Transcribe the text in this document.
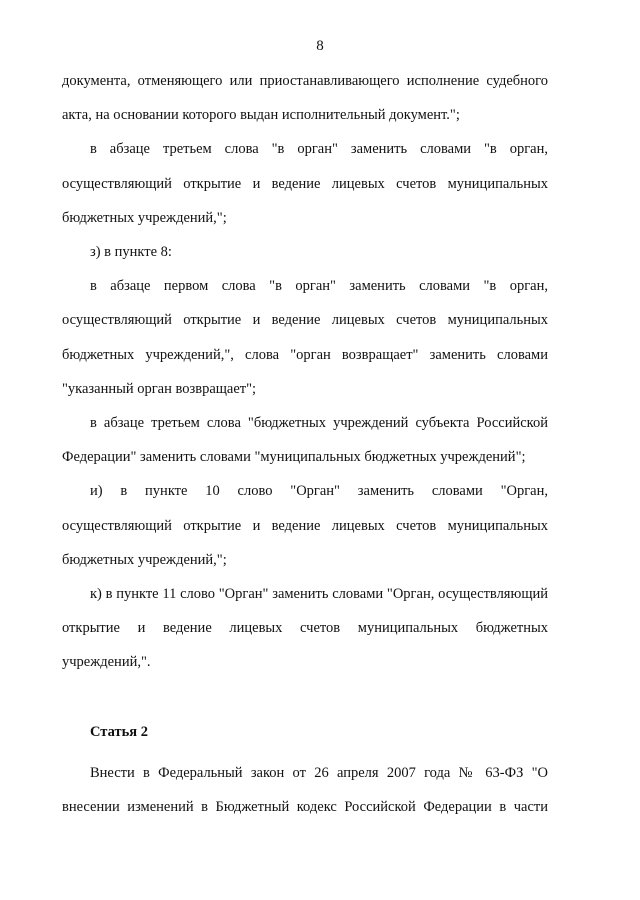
8

документа, отменяющего или приостанавливающего исполнение судебного акта, на основании которого выдан исполнительный документ.";

в абзаце третьем слова "в орган" заменить словами "в орган, осуществляющий открытие и ведение лицевых счетов муниципальных бюджетных учреждений,";

з) в пункте 8:

в абзаце первом слова "в орган" заменить словами "в орган, осуществляющий открытие и ведение лицевых счетов муниципальных бюджетных учреждений,", слова "орган возвращает" заменить словами "указанный орган возвращает";

в абзаце третьем слова "бюджетных учреждений субъекта Российской Федерации" заменить словами "муниципальных бюджетных учреждений";

и) в пункте 10 слово "Орган" заменить словами "Орган, осуществляющий открытие и ведение лицевых счетов муниципальных бюджетных учреждений,";

к) в пункте 11 слово "Орган" заменить словами "Орган, осуществляющий открытие и ведение лицевых счетов муниципальных бюджетных учреждений,".

Статья 2

Внести в Федеральный закон от 26 апреля 2007 года № 63-ФЗ "О внесении изменений в Бюджетный кодекс Российской Федерации в части
